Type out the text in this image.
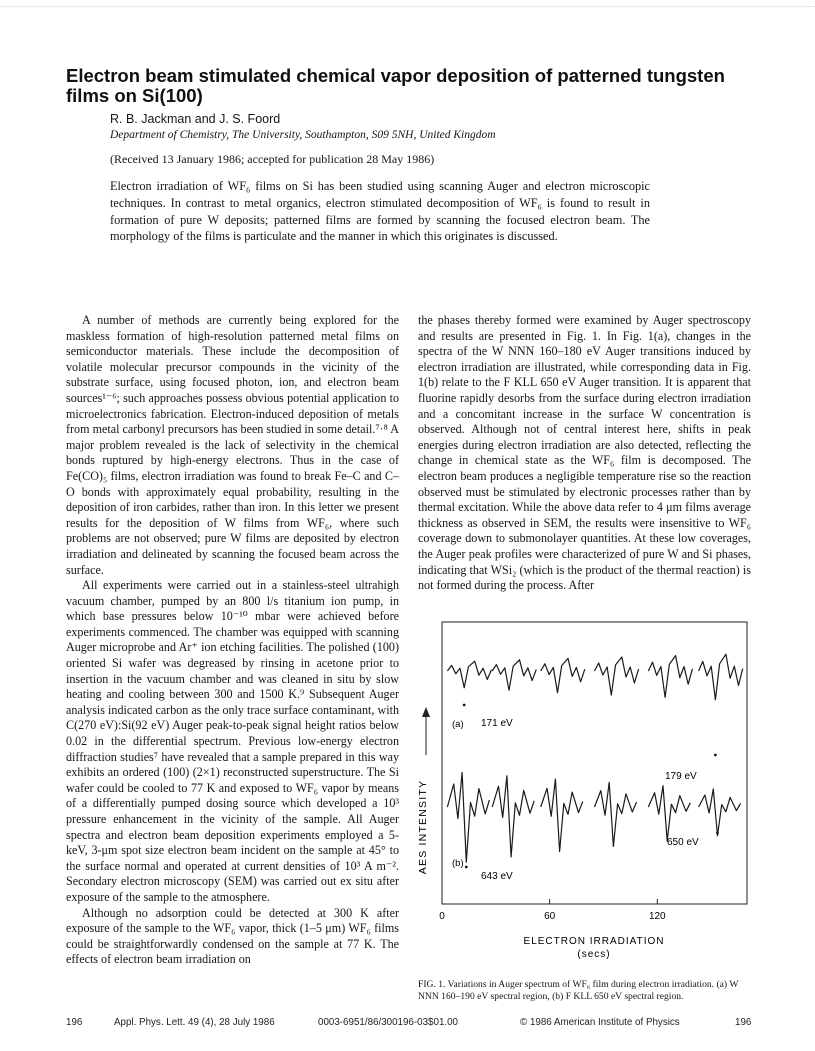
Electron beam stimulated chemical vapor deposition of patterned tungsten films on Si(100)

R. B. Jackman and J. S. Foord

Department of Chemistry, The University, Southampton, S09 5NH, United Kingdom

(Received 13 January 1986; accepted for publication 28 May 1986)

Electron irradiation of WF₆ films on Si has been studied using scanning Auger and electron microscopic techniques. In contrast to metal organics, electron stimulated decomposition of WF₆ is found to result in formation of pure W deposits; patterned films are formed by scanning the focused electron beam. The morphology of the films is particulate and the manner in which this originates is discussed.

A number of methods are currently being explored for the maskless formation of high-resolution patterned metal films on semiconductor materials. These include the decomposition of volatile molecular precursor compounds in the vicinity of the substrate surface, using focused photon, ion, and electron beam sources¹⁻⁶; such approaches possess obvious potential application to microelectronics fabrication. Electron-induced deposition of metals from metal carbonyl precursors has been studied in some detail.⁷·⁸ A major problem revealed is the lack of selectivity in the chemical bonds ruptured by high-energy electrons. Thus in the case of Fe(CO)₅ films, electron irradiation was found to break Fe–C and C–O bonds with approximately equal probability, resulting in the deposition of iron carbides, rather than iron. In this letter we present results for the deposition of W films from WF₆, where such problems are not observed; pure W films are deposited by electron irradiation and delineated by scanning the focused beam across the surface.

All experiments were carried out in a stainless-steel ultrahigh vacuum chamber, pumped by an 800 l/s titanium ion pump, in which base pressures below 10⁻¹⁰ mbar were achieved before experiments commenced. The chamber was equipped with scanning Auger microprobe and Ar⁺ ion etching facilities. The polished (100) oriented Si wafer was degreased by rinsing in acetone prior to insertion in the vacuum chamber and was cleaned in situ by slow heating and cooling between 300 and 1500 K.⁹ Subsequent Auger analysis indicated carbon as the only trace surface contaminant, with C(270 eV):Si(92 eV) Auger peak-to-peak signal height ratios below 0.02 in the differential spectrum. Previous low-energy electron diffraction studies⁷ have revealed that a sample prepared in this way exhibits an ordered (100) (2×1) reconstructed superstructure. The Si wafer could be cooled to 77 K and exposed to WF₆ vapor by means of a differentially pumped dosing source which developed a 10³ pressure enhancement in the vicinity of the sample. All Auger spectra and electron beam deposition experiments employed a 5-keV, 3-μm spot size electron beam incident on the sample at 45° to the surface normal and operated at current densities of 10³ A m⁻². Secondary electron microscopy (SEM) was carried out ex situ after exposure of the sample to the atmosphere.

Although no adsorption could be detected at 300 K after exposure of the sample to the WF₆ vapor, thick (1–5 μm) WF₆ films could be straightforwardly condensed on the sample at 77 K. The effects of electron beam irradiation on

the phases thereby formed were examined by Auger spectroscopy and results are presented in Fig. 1. In Fig. 1(a), changes in the spectra of the W NNN 160–180 eV Auger transitions induced by electron irradiation are illustrated, while corresponding data in Fig. 1(b) relate to the F KLL 650 eV Auger transition. It is apparent that fluorine rapidly desorbs from the surface during electron irradiation and a concomitant increase in the surface W concentration is observed. Although not of central interest here, shifts in peak energies during electron irradiation are also detected, reflecting the change in chemical state as the WF₆ film is decomposed. The electron beam produces a negligible temperature rise so the reaction observed must be stimulated by electronic processes rather than by thermal excitation. While the above data refer to 4 μm films average thickness as observed in SEM, the results were insensitive to WF₆ coverage down to submonolayer quantities. At these low coverages, the Auger peak profiles were characterized of pure W and Si phases, indicating that WSi₂ (which is the product of the thermal reaction) is not formed during the process. After

AES INTENSITY
(a)
(b)
171 eV
179 eV
650 eV
643 eV
0	60	120
ELECTRON IRRADIATION
(secs)

FIG. 1. Variations in Auger spectrum of WF₆ film during electron irradiation. (a) W NNN 160–190 eV spectral region, (b) F KLL 650 eV spectral region.

196	Appl. Phys. Lett. 49 (4), 28 July 1986	0003-6951/86/300196-03$01.00	© 1986 American Institute of Physics	196
